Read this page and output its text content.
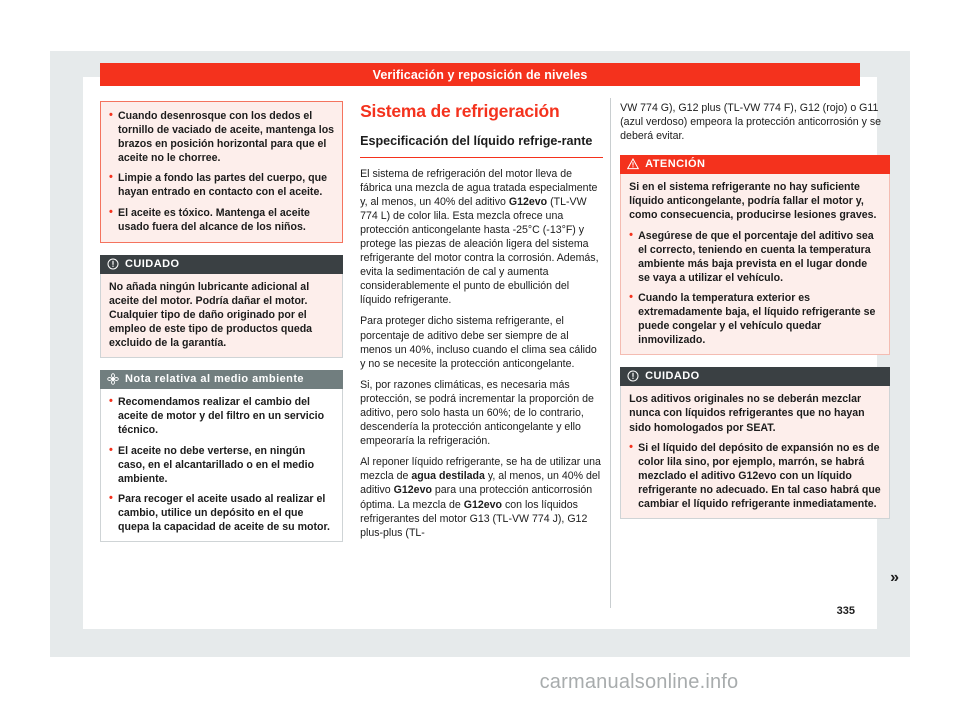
Verificación y reposición de niveles

• Cuando desenrosque con los dedos el tornillo de vaciado de aceite, mantenga los brazos en posición horizontal para que el aceite no le chorree.

• Limpie a fondo las partes del cuerpo, que hayan entrado en contacto con el aceite.

• El aceite es tóxico. Mantenga el aceite usado fuera del alcance de los niños.

CUIDADO

No añada ningún lubricante adicional al aceite del motor. Podría dañar el motor. Cualquier tipo de daño originado por el empleo de este tipo de productos queda excluido de la garantía.

Nota relativa al medio ambiente

• Recomendamos realizar el cambio del aceite de motor y del filtro en un servicio técnico.

• El aceite no debe verterse, en ningún caso, en el alcantarillado o en el medio ambiente.

• Para recoger el aceite usado al realizar el cambio, utilice un depósito en el que quepa la capacidad de aceite de su motor.

Sistema de refrigeración
Especificación del líquido refrige-rante

El sistema de refrigeración del motor lleva de fábrica una mezcla de agua tratada especialmente y, al menos, un 40% del aditivo G12evo (TL-VW 774 L) de color lila. Esta mezcla ofrece una protección anticongelante hasta -25°C (-13°F) y protege las piezas de aleación ligera del sistema refrigerante del motor contra la corrosión. Además, evita la sedimentación de cal y aumenta considerablemente el punto de ebullición del líquido refrigerante.

Para proteger dicho sistema refrigerante, el porcentaje de aditivo debe ser siempre de al menos un 40%, incluso cuando el clima sea cálido y no se necesite la protección anticongelante.

Si, por razones climáticas, es necesaria más protección, se podrá incrementar la proporción de aditivo, pero solo hasta un 60%; de lo contrario, descendería la protección anticongelante y ello empeoraría la refrigeración.

Al reponer líquido refrigerante, se ha de utilizar una mezcla de agua destilada y, al menos, un 40% del aditivo G12evo para una protección anticorrosión óptima. La mezcla de G12evo con los líquidos refrigerantes del motor G13 (TL-VW 774 J), G12 plus-plus (TL-

VW 774 G), G12 plus (TL-VW 774 F), G12 (rojo) o G11 (azul verdoso) empeora la protección anticorrosión y se deberá evitar.

ATENCIÓN

Si en el sistema refrigerante no hay suficiente líquido anticongelante, podría fallar el motor y, como consecuencia, producirse lesiones graves.

• Asegúrese de que el porcentaje del aditivo sea el correcto, teniendo en cuenta la temperatura ambiente más baja prevista en el lugar donde se vaya a utilizar el vehículo.

• Cuando la temperatura exterior es extremadamente baja, el líquido refrigerante se puede congelar y el vehículo quedar inmovilizado.

CUIDADO

Los aditivos originales no se deberán mezclar nunca con líquidos refrigerantes que no hayan sido homologados por SEAT.

• Si el líquido del depósito de expansión no es de color lila sino, por ejemplo, marrón, se habrá mezclado el aditivo G12evo con un líquido refrigerante no adecuado. En tal caso habrá que cambiar el líquido refrigerante inmediatamente.

»
335
carmanualsonline.info
